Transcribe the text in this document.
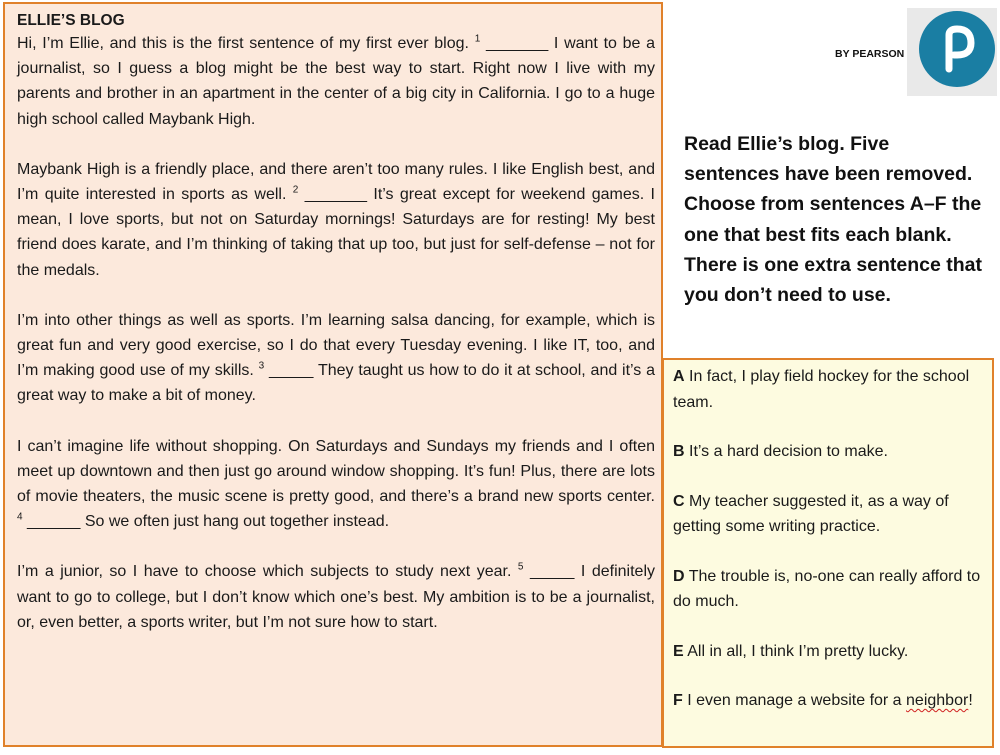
ELLIE’S BLOG

Hi, I’m Ellie, and this is the first sentence of my first ever blog. $^1$ _______ I want to be a journalist, so I guess a blog might be the best way to start. Right now I live with my parents and brother in an apartment in the center of a big city in California. I go to a huge high school called Maybank High.

Maybank High is a friendly place, and there aren’t too many rules. I like English best, and I’m quite interested in sports as well. $^2$ _______ It’s great except for weekend games. I mean, I love sports, but not on Saturday mornings! Saturdays are for resting! My best friend does karate, and I’m thinking of taking that up too, but just for self-defense – not for the medals.

I’m into other things as well as sports. I’m learning salsa dancing, for example, which is great fun and very good exercise, so I do that every Tuesday evening. I like IT, too, and I’m making good use of my skills. $^3$ _____ They taught us how to do it at school, and it’s a great way to make a bit of money.

I can’t imagine life without shopping. On Saturdays and Sundays my friends and I often meet up downtown and then just go around window shopping. It’s fun! Plus, there are lots of movie theaters, the music scene is pretty good, and there’s a brand new sports center. $^4$ ______ So we often just hang out together instead.

I’m a junior, so I have to choose which subjects to study next year. $^5$ _____ I definitely want to go to college, but I don’t know which one’s best. My ambition is to be a journalist, or, even better, a sports writer, but I’m not sure how to start.

BY PEARSON

Read Ellie’s blog. Five sentences have been removed. Choose from sentences A–F the one that best fits each blank. There is one extra sentence that you don’t need to use.

A In fact, I play field hockey for the school team.

B It’s a hard decision to make.

C My teacher suggested it, as a way of getting some writing practice.

D The trouble is, no-one can really afford to do much.

E All in all, I think I’m pretty lucky.

F I even manage a website for a neighbor!
